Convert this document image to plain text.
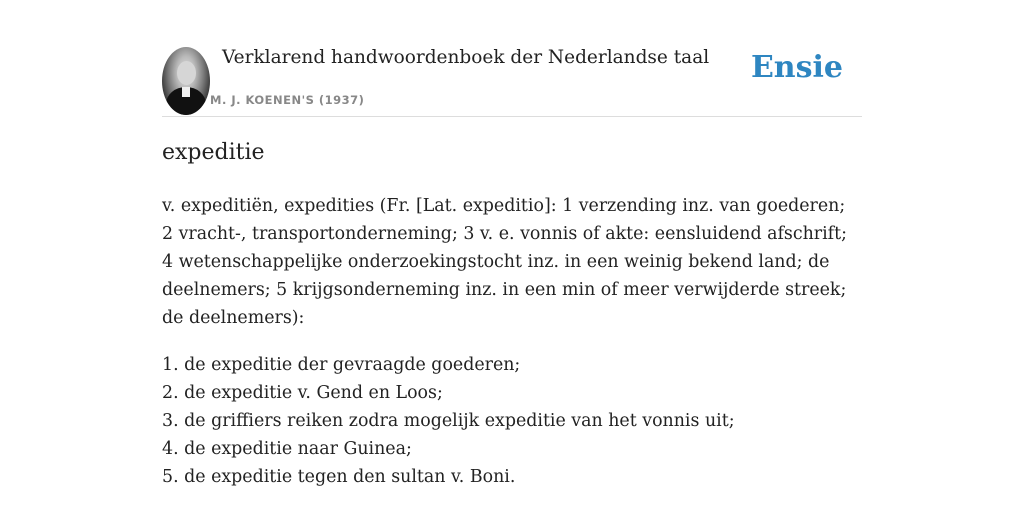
Verklarend handwoordenboek der Nederlandse taal
M. J. KOENEN'S (1937)
Ensie
expeditie

v. expeditiën, expedities (Fr. [Lat. expeditio]: 1 verzending inz. van goederen; 2 vracht-, transportonderneming; 3 v. e. vonnis of akte: eensluidend afschrift; 4 wetenschappelijke onderzoekingstocht inz. in een weinig bekend land; de deelnemers; 5 krijgsonderneming inz. in een min of meer verwijderde streek; de deelnemers):

1. de expeditie der gevraagde goederen;
2. de expeditie v. Gend en Loos;
3. de griffiers reiken zodra mogelijk expeditie van het vonnis uit;
4. de expeditie naar Guinea;
5. de expeditie tegen den sultan v. Boni.
